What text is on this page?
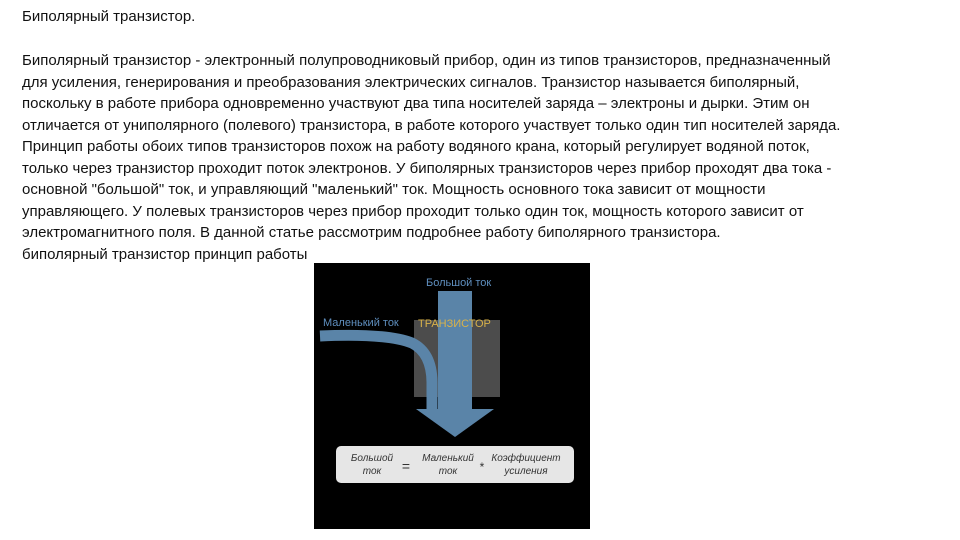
Биполярный транзистор.

Биполярный транзистор - электронный полупроводниковый прибор, один из типов транзисторов, предназначенный
для усиления, генерирования и преобразования электрических сигналов. Транзистор называется биполярный,
поскольку в работе прибора одновременно участвуют два типа носителей заряда – электроны и дырки. Этим он
отличается от униполярного (полевого) транзистора, в работе которого участвует только один тип носителей заряда.
Принцип работы обоих типов транзисторов похож на работу водяного крана, который регулирует водяной поток,
только через транзистор проходит поток электронов. У биполярных транзисторов через прибор проходят два тока -
основной "большой" ток, и управляющий "маленький" ток. Мощность основного тока зависит от мощности
управляющего. У полевых транзисторов через прибор проходит только один ток, мощность которого зависит от
электромагнитного поля. В данной статье рассмотрим подробнее работу биполярного транзистора.
биполярный транзистор принцип работы

Большой ток
Маленький ток ТРАНЗИСТОР
Большой
ток = Маленький
ток *
Коэффициент
усиления
